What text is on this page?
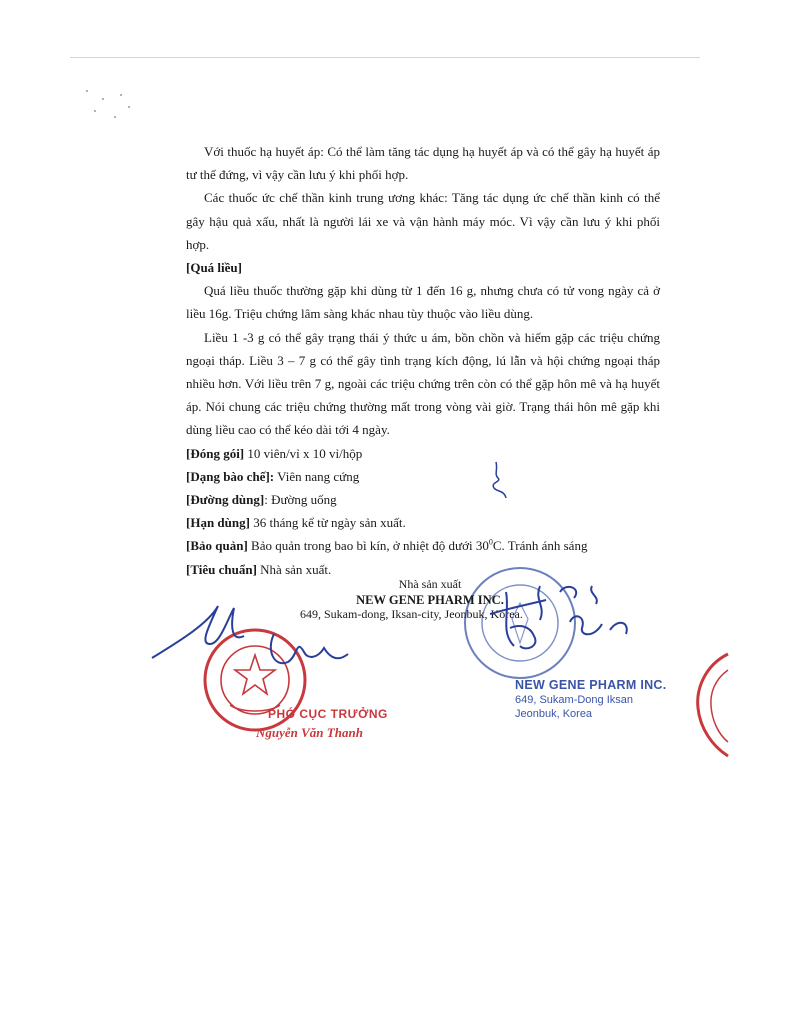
Với thuốc hạ huyết áp: Có thể làm tăng tác dụng hạ huyết áp và có thể gây hạ huyết áp tư thế đứng, vì vậy cần lưu ý khi phối hợp.

Các thuốc ức chế thần kinh trung ương khác: Tăng tác dụng ức chế thần kinh có thể gây hậu quả xấu, nhất là người lái xe và vận hành máy móc. Vì vậy cần lưu ý khi phối hợp.

[Quá liều]

Quá liều thuốc thường gặp khi dùng từ 1 đến 16 g, nhưng chưa có tử vong ngày cả ở liều 16g. Triệu chứng lâm sàng khác nhau tùy thuộc vào liều dùng.

Liều 1 -3 g có thể gây trạng thái ý thức u ám, bồn chồn và hiếm gặp các triệu chứng ngoại tháp. Liều 3 – 7 g có thể gây tình trạng kích động, lú lẫn và hội chứng ngoại tháp nhiều hơn. Với liều trên 7 g, ngoài các triệu chứng trên còn có thể gặp hôn mê và hạ huyết áp. Nói chung các triệu chứng thường mất trong vòng vài giờ. Trạng thái hôn mê gặp khi dùng liều cao có thể kéo dài tới 4 ngày.

[Đóng gói] 10 viên/vỉ x 10 vỉ/hộp

[Dạng bào chế]: Viên nang cứng

[Đường dùng]: Đường uống

[Hạn dùng] 36 tháng kể từ ngày sản xuất.

[Bảo quản] Bảo quản trong bao bì kín, ở nhiệt độ dưới $30^0C$. Tránh ánh sáng

[Tiêu chuẩn] Nhà sản xuất.

Nhà sản xuất
NEW GENE PHARM INC.
649, Sukam-dong, Iksan-city, Jeonbuk, Korea.
PHÓ CỤC TRƯỞNG
Nguyễn Văn Thanh
NEW GENE PHARM INC.
649, Sukam-Dong Iksan
Jeonbuk, Korea
